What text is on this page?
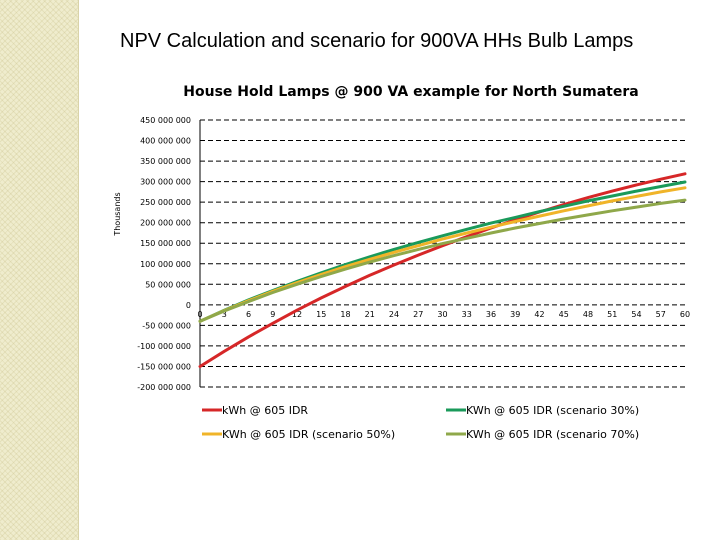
NPV Calculation and scenario for 900VA HHs Bulb Lamps
House Hold Lamps @ 900 VA example for North Sumatera
450 000 000
400 000 000
350 000 000
300 000 000
250 000 000
200 000 000
150 000 000
100 000 000
50 000 000
0
-50 000 000
-100 000 000
-150 000 000
-200 000 000
0 3 6 9 12 15 18 21 24 27 30 33 36 39 42 45 48 51 54 57 60
Thousands
kWh @ 605 IDR	KWh @ 605 IDR (scenario 30%)
KWh @ 605 IDR (scenario 50%)	KWh @ 605 IDR (scenario 70%)
